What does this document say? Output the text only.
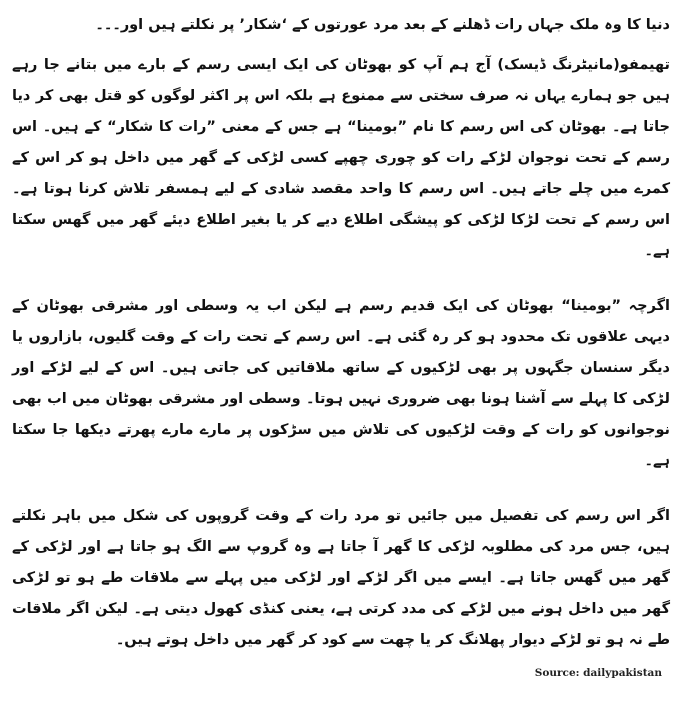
دنیا کا وہ ملک جہاں رات ڈھلنے کے بعد مرد عورتوں کے ‘شکار’ پر نکلتے ہیں اور۔۔۔

تھیمفو(مانیٹرنگ ڈیسک) آج ہم آپ کو بھوٹان کی ایک ایسی رسم کے بارے میں بتانے جا رہے ہیں جو ہمارے یہاں نہ صرف سختی سے ممنوع ہے بلکہ اس پر اکثر لوگوں کو قتل بھی کر دیا جاتا ہے۔ بھوٹان کی اس رسم کا نام ”بومینا“ ہے جس کے معنی ”رات کا شکار“ کے ہیں۔ اس رسم کے تحت نوجوان لڑکے رات کو چوری چھپے کسی لڑکی کے گھر میں داخل ہو کر اس کے کمرے میں چلے جاتے ہیں۔ اس رسم کا واحد مقصد شادی کے لیے ہمسفر تلاش کرنا ہوتا ہے۔ اس رسم کے تحت لڑکا لڑکی کو پیشگی اطلاع دیے کر یا بغیر اطلاع دیئے گھر میں گھس سکتا ہے۔

اگرچہ ”بومینا“ بھوٹان کی ایک قدیم رسم ہے لیکن اب یہ وسطی اور مشرقی بھوٹان کے دیہی علاقوں تک محدود ہو کر رہ گئی ہے۔ اس رسم کے تحت رات کے وقت گلیوں، بازاروں یا دیگر سنسان جگہوں پر بھی لڑکیوں کے ساتھ ملاقاتیں کی جاتی ہیں۔ اس کے لیے لڑکے اور لڑکی کا پہلے سے آشنا ہونا بھی ضروری نہیں ہوتا۔ وسطی اور مشرقی بھوٹان میں اب بھی نوجوانوں کو رات کے وقت لڑکیوں کی تلاش میں سڑکوں پر مارے مارے پھرتے دیکھا جا سکتا ہے۔

اگر اس رسم کی تفصیل میں جائیں تو مرد رات کے وقت گروپوں کی شکل میں باہر نکلتے ہیں، جس مرد کی مطلوبہ لڑکی کا گھر آ جاتا ہے وہ گروپ سے الگ ہو جاتا ہے اور لڑکی کے گھر میں گھس جاتا ہے۔ ایسے میں اگر لڑکے اور لڑکی میں پہلے سے ملاقات طے ہو تو لڑکی گھر میں داخل ہونے میں لڑکے کی مدد کرتی ہے، یعنی کنڈی کھول دیتی ہے۔ لیکن اگر ملاقات طے نہ ہو تو لڑکے دیوار پھلانگ کر یا چھت سے کود کر گھر میں داخل ہوتے ہیں۔

Source: dailypakistan
